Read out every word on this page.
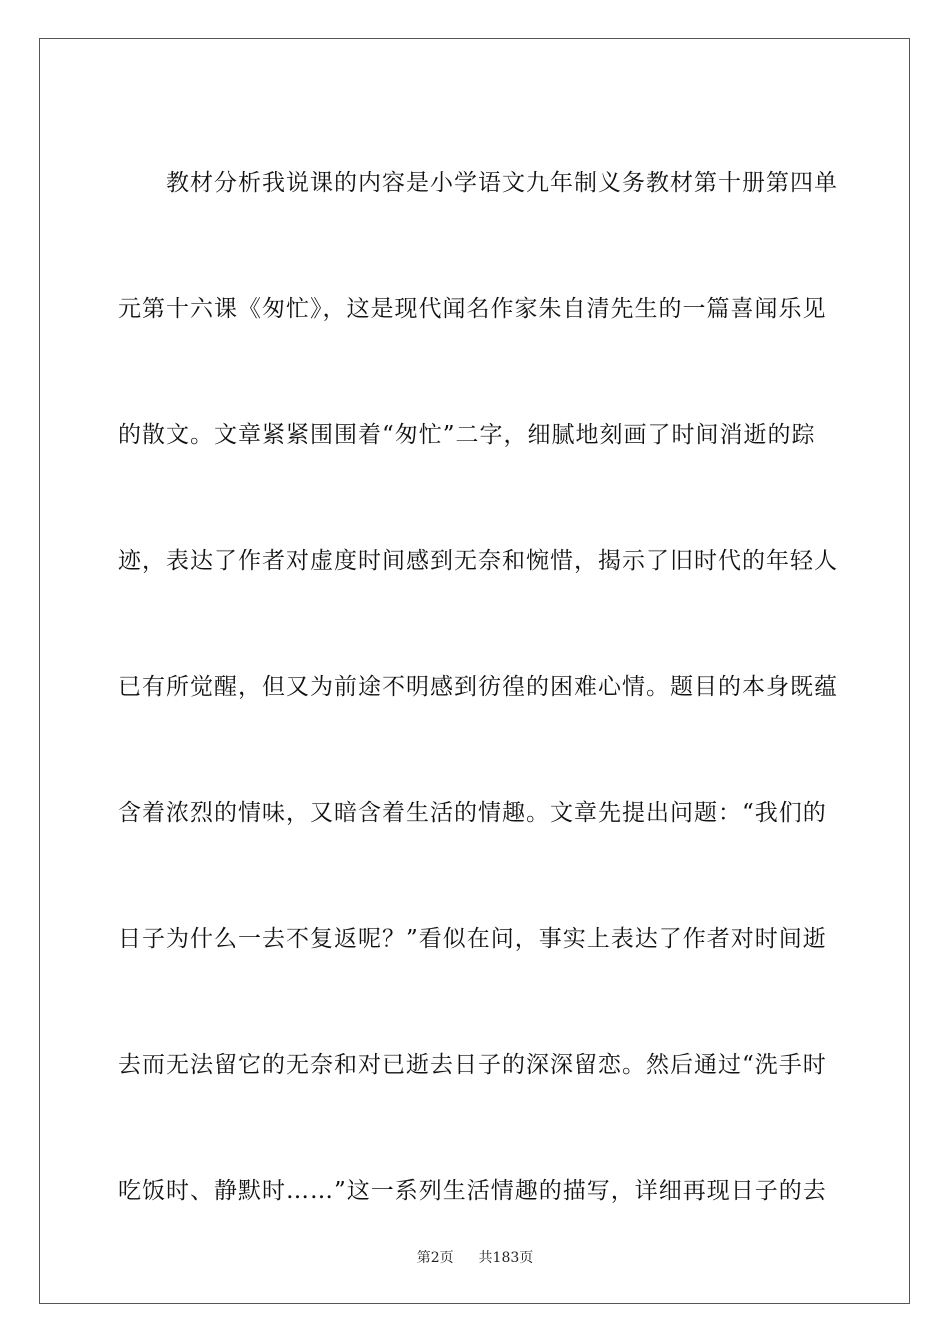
教材分析我说课的内容是小学语文九年制义务教材第十册第四单
元第十六课《匆忙》，这是现代闻名作家朱自清先生的一篇喜闻乐见
的散文。文章紧紧围围着“匆忙”二字，细腻地刻画了时间消逝的踪
迹，表达了作者对虚度时间感到无奈和惋惜，揭示了旧时代的年轻人
已有所觉醒，但又为前途不明感到彷徨的困难心情。题目的本身既蕴
含着浓烈的情味，又暗含着生活的情趣。文章先提出问题：“我们的
日子为什么一去不复返呢？”看似在问，事实上表达了作者对时间逝
去而无法留它的无奈和对已逝去日子的深深留恋。然后通过“洗手时
吃饭时、静默时……”这一系列生活情趣的描写，详细再现日子的去
第2页 共183页
